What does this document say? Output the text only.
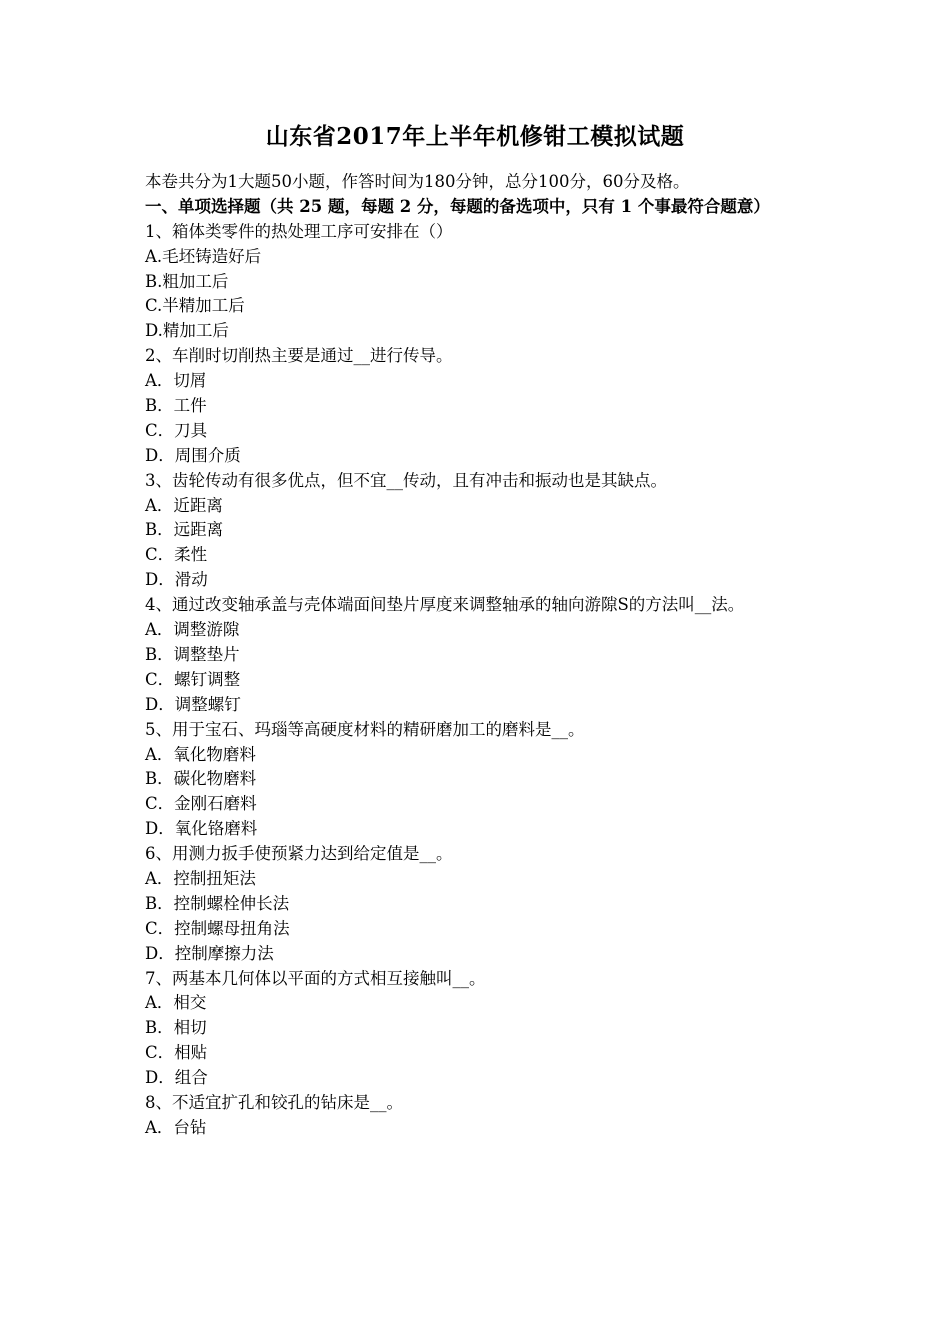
山东省2017年上半年机修钳工模拟试题
本卷共分为1大题50小题，作答时间为180分钟，总分100分，60分及格。
一、单项选择题（共 25 题，每题 2 分，每题的备选项中，只有 1 个事最符合题意）
1、箱体类零件的热处理工序可安排在（）
A.毛坯铸造好后
B.粗加工后
C.半精加工后
D.精加工后
2、车削时切削热主要是通过__进行传导。
A．切屑
B．工件
C．刀具
D．周围介质
3、齿轮传动有很多优点，但不宜__传动，且有冲击和振动也是其缺点。
A．近距离
B．远距离
C．柔性
D．滑动
4、通过改变轴承盖与壳体端面间垫片厚度来调整轴承的轴向游隙S的方法叫__法。
A．调整游隙
B．调整垫片
C．螺钉调整
D．调整螺钉
5、用于宝石、玛瑙等高硬度材料的精研磨加工的磨料是__。
A．氧化物磨料
B．碳化物磨料
C．金刚石磨料
D．氧化铬磨料
6、用测力扳手使预紧力达到给定值是__。
A．控制扭矩法
B．控制螺栓伸长法
C．控制螺母扭角法
D．控制摩擦力法
7、两基本几何体以平面的方式相互接触叫__。
A．相交
B．相切
C．相贴
D．组合
8、不适宜扩孔和铰孔的钻床是__。
A．台钻
